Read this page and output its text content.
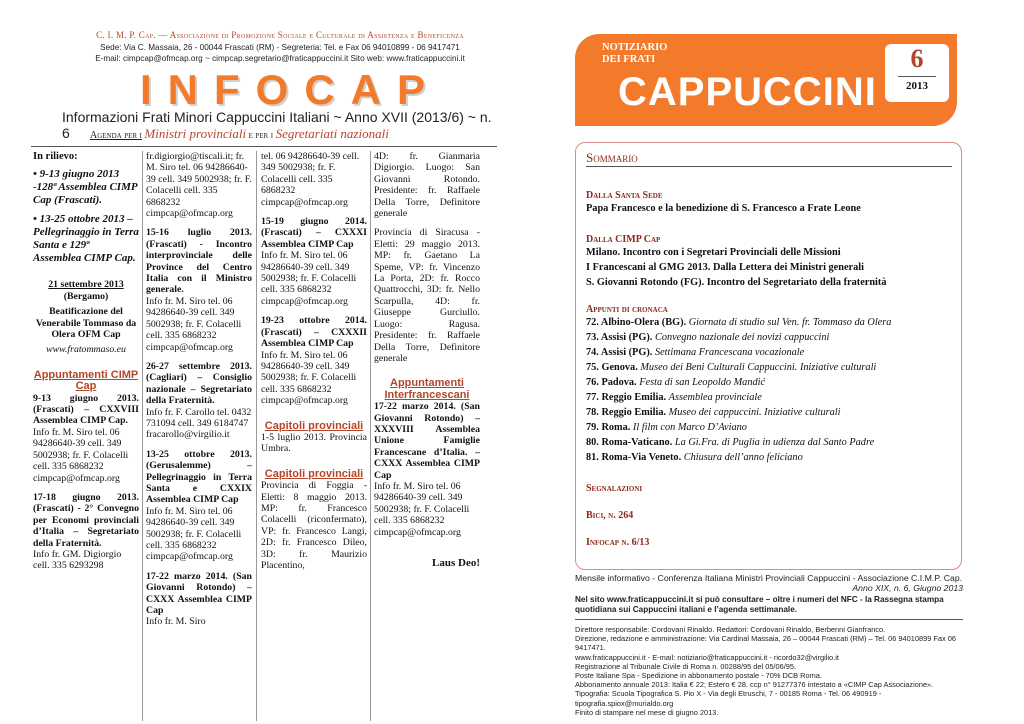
C. I. M. P. Cap. — Associazione di Promozione Sociale e Culturale di Assistenza e Beneficenza
Sede: Via C. Massaia, 26 - 00044 Frascati (RM) - Segreteria: Tel. e Fax 06 94010899 - 06 9417471
E-mail: cimpcap@ofmcap.org ~ cimpcap.segretario@fraticappuccini.it Sito web: www.fraticappuccini.it
INFOCAP
Informazioni Frati Minori Cappuccini Italiani ~ Anno XVII (2013/6) ~ n. 6	Agenda per i Ministri provinciali e per i Segretariati nazionali

In rilievo:

• 9-13 giugno 2013 -128ª Assemblea CIMP Cap (Frascati).

• 13-25 ottobre 2013 – Pellegrinaggio in Terra Santa e 129ª Assemblea CIMP Cap.

21 settembre 2013

(Bergamo)

Beatificazione del Venerabile Tommaso da Olera OFM Cap

www.fratommaso.eu

Appuntamenti CIMP Cap

9-13 giugno 2013. (Frascati) – CXXVIII Assemblea CIMP Cap.

Info fr. M. Siro tel. 06 94286640-39 cell. 349 5002938; fr. F. Colacelli cell. 335 6868232 cimpcap@ofmcap.org

17-18 giugno 2013. (Frascati) - 2° Convegno per Economi provinciali d’Italia – Segretariato della Fraternità.

Info fr. GM. Digiorgio cell. 335 6293298

fr.digiorgio@tiscali.it; fr. M. Siro tel. 06 94286640-39 cell. 349 5002938; fr. F. Colacelli cell. 335 6868232 cimpcap@ofmcap.org

15-16 luglio 2013. (Frascati) - Incontro interprovinciale delle Province del Centro Italia con il Ministro generale.

Info fr. M. Siro tel. 06 94286640-39 cell. 349 5002938; fr. F. Colacelli cell. 335 6868232 cimpcap@ofmcap.org

26-27 settembre 2013. (Cagliari) – Consiglio nazionale – Segretariato della Fraternità.

Info fr. F. Carollo tel. 0432 731094 cell. 349 6184747 fracarollo@virgilio.it

13-25 ottobre 2013. (Gerusalemme) – Pellegrinaggio in Terra Santa e CXXIX Assemblea CIMP Cap

Info fr. M. Siro tel. 06 94286640-39 cell. 349 5002938; fr. F. Colacelli cell. 335 6868232 cimpcap@ofmcap.org

17-22 marzo 2014. (San Giovanni Rotondo) – CXXX Assemblea CIMP Cap

Info fr. M. Siro

tel. 06 94286640-39 cell. 349 5002938; fr. F. Colacelli cell. 335 6868232 cimpcap@ofmcap.org

15-19 giugno 2014. (Frascati) – CXXXI Assemblea CIMP Cap

Info fr. M. Siro tel. 06 94286640-39 cell. 349 5002938; fr. F. Colacelli cell. 335 6868232 cimpcap@ofmcap.org

19-23 ottobre 2014. (Frascati) – CXXXII Assemblea CIMP Cap

Info fr. M. Siro tel. 06 94286640-39 cell. 349 5002938; fr. F. Colacelli cell. 335 6868232 cimpcap@ofmcap.org

Capitoli provinciali

1-5 luglio 2013. Provincia Umbra.

Capitoli provinciali

Provincia di Foggia - Eletti: 8 maggio 2013. MP: fr. Francesco Colacelli (riconfermato), VP: fr. Francesco Langi, 2D: fr. Francesco Dileo, 3D: fr. Maurizio Placentino,

4D: fr. Gianmaria Digiorgio. Luogo: San Giovanni Rotondo. Presidente: fr. Raffaele Della Torre, Definitore generale

Provincia di Siracusa - Eletti: 29 maggio 2013. MP: fr. Gaetano La Speme, VP: fr. Vincenzo La Porta, 2D: fr. Rocco Quattrocchi, 3D: fr. Nello Scarpulla, 4D: fr. Giuseppe Gurciullo. Luogo: Ragusa. Presidente: fr. Raffaele Della Torre, Definitore generale

Appuntamenti Interfrancescani

17-22 marzo 2014. (San Giovanni Rotondo) – XXXVIII Assemblea Unione Famiglie Francescane d’Italia. – CXXX Assemblea CIMP Cap

Info fr. M. Siro tel. 06 94286640-39 cell. 349 5002938; fr. F. Colacelli cell. 335 6868232 cimpcap@ofmcap.org

Laus Deo!

NOTIZIARIO
DEI FRATI
CAPPUCCINI
6
2013
Sommario

Dalla Santa Sede

Papa Francesco e la benedizione di S. Francesco a Frate Leone

Dalla CIMP Cap

Milano. Incontro con i Segretari Provinciali delle Missioni

I Francescani al GMG 2013. Dalla Lettera dei Ministri generali

S. Giovanni Rotondo (FG). Incontro del Segretariato della fraternità

Appunti di cronaca

72. Albino-Olera (BG). Giornata di studio sul Ven. fr. Tommaso da Olera

73. Assisi (PG). Convegno nazionale dei novizi cappuccini

74. Assisi (PG). Settimana Francescana vocazionale

75. Genova. Museo dei Beni Culturali Cappuccini. Iniziative culturali

76. Padova. Festa di san Leopoldo Mandić

77. Reggio Emilia. Assemblea provinciale

78. Reggio Emilia. Museo dei cappuccini. Iniziative culturali

79. Roma. Il film con Marco D’Aviano

80. Roma-Vaticano. La Gi.Fra. di Puglia in udienza dal Santo Padre

81. Roma-Via Veneto. Chiusura dell’anno feliciano

Segnalazioni

Bici, n. 264

Infocap n. 6/13

Mensile informativo - Conferenza Italiana Ministri Provinciali Cappuccini - Associazione C.I.M.P. Cap.

Anno XIX, n. 6, Giugno 2013

Nel sito www.fraticappuccini.it si può consultare – oltre i numeri del NFC - la Rassegna stampa quotidiana sui Cappuccini italiani e l’agenda settimanale.

Direttore responsabile: Cordovani Rinaldo. Redattori: Cordovani Rinaldo, Berbenni Gianfranco.

Direzione, redazione e amministrazione: Via Cardinal Massaia, 26 – 00044 Frascati (RM) – Tel. 06 94010899 Fax 06 9417471.

www.fraticappuccini.it - E-mail: notiziario@fraticappuccini.it - ricordo32@virgilio.it

Registrazione al Tribunale Civile di Roma n. 00288/95 del 05/06/95.

Poste Italiane Spa - Spedizione in abbonamento postale - 70% DCB Roma.

Abbonamento annuale 2013: Italia € 22; Estero € 28. ccp n° 91277376 intestato a «CIMP Cap Associazione».

Tipografia: Scuola Tipografica S. Pio X - Via degli Etruschi, 7 - 00185 Roma - Tel. 06 490919 - tipografia.spiox@murialdo.org

Finito di stampare nel mese di giugno 2013.
